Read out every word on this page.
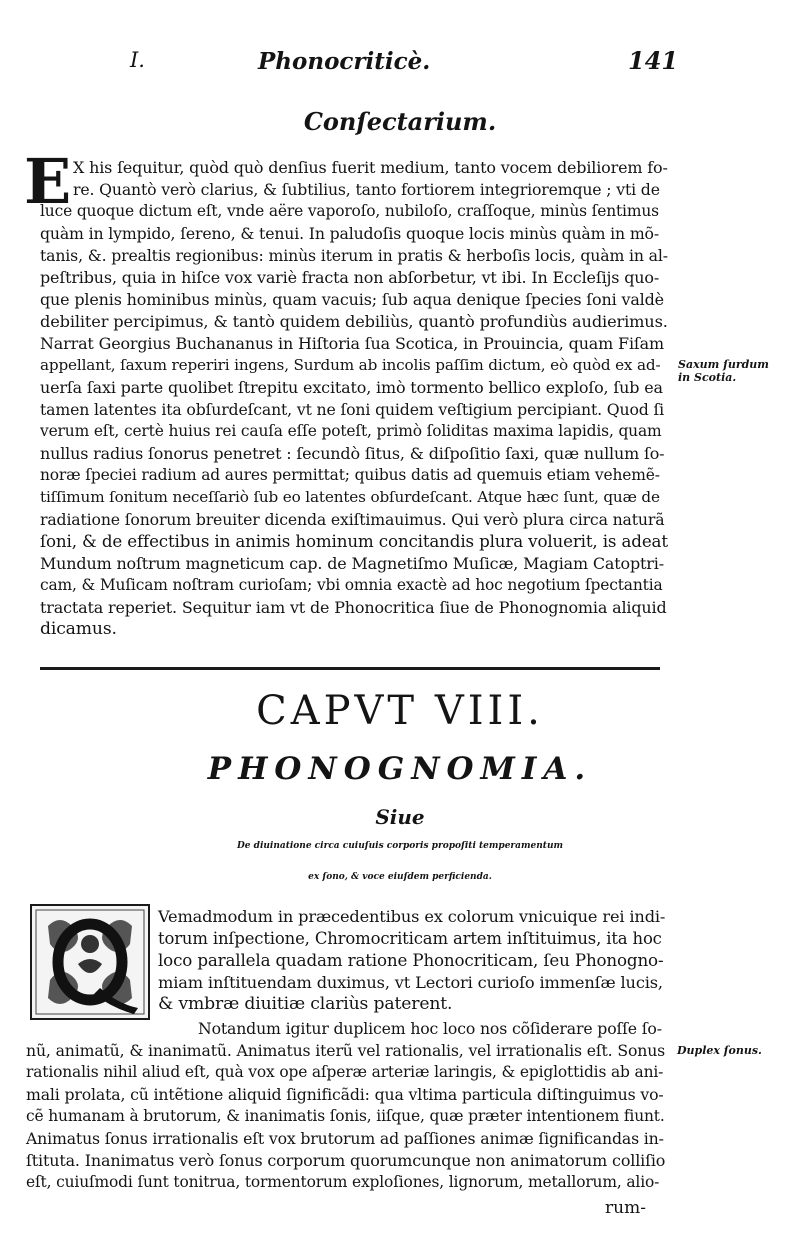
I.	Phonocriticè.	141
Conſectarium.
E X his ſequitur, quòd quò denſius fuerit medium, tanto vocem debiliorem fo-
re. Quantò verò clarius, & ſubtilius, tanto fortiorem integrioremque ; vti de
luce quoque dictum eſt, vnde aëre vaporoſo, nubiloſo, craſſoque, minùs ſentimus
quàm in lympido, ſereno, & tenui. In paludoſis quoque locis minùs quàm in mõ-
tanis, &. prealtis regionibus: minùs iterum in pratis & herboſis locis, quàm in al-
peſtribus, quia in hiſce vox variè fracta non abſorbetur, vt ibi. In Eccleſijs quo-
que plenis hominibus minùs, quam vacuis; ſub aqua denique ſpecies ſoni valdè
debiliter percipimus, & tantò quidem debiliùs, quantò profundiùs audierimus.
Narrat Georgius Buchananus in Hiſtoria ſua Scotica, in Prouincia, quam Fiſam
appellant, ſaxum reperiri ingens, Surdum ab incolis paſſim dictum, eò quòd ex ad-
uerſa ſaxi parte quolibet ſtrepitu excitato, imò tormento bellico exploſo, ſub ea
tamen latentes ita obſurdeſcant, vt ne ſoni quidem veſtigium percipiant. Quod ſi
verum eſt, certè huius rei cauſa eſſe poteſt, primò ſoliditas maxima lapidis, quam
nullus radius ſonorus penetret : ſecundò ſitus, & diſpoſitio ſaxi, quæ nullum ſo-
noræ ſpeciei radium ad aures permittat; quibus datis ad quemuis etiam vehemẽ-
tiſſimum ſonitum neceſſariò ſub eo latentes obſurdeſcant. Atque hæc ſunt, quæ de
radiatione ſonorum breuiter dicenda exiſtimauimus. Qui verò plura circa naturã
ſoni, & de effectibus in animis hominum concitandis plura voluerit, is adeat
Mundum noſtrum magneticum cap. de Magnetiſmo Muſicæ, Magiam Catoptri-
cam, & Muſicam noſtram curioſam; vbi omnia exactè ad hoc negotium ſpectantia
tractata reperiet. Sequitur iam vt de Phonocritica ſiue de Phonognomia aliquid
dicamus.
Saxum ſurdum
in Scotia.
CAPVT VIII.
PHONOGNOMIA.
Siue
De diuinatione circa cuiuſuis corporis propoſiti temperamentum
ex ſono, & voce eiuſdem perficienda.
Vemadmodum in præcedentibus ex colorum vnicuique rei indi-
torum inſpectione, Chromocriticam artem inſtituimus, ita hoc
loco parallela quadam ratione Phonocriticam, ſeu Phonogno-
miam inſtituendam duximus, vt Lectori curioſo immenſæ lucis,
& vmbræ diuitiæ clariùs paterent.
Notandum igitur duplicem hoc loco nos cõſiderare poſſe ſo-
nũ, animatũ, & inanimatũ. Animatus iterũ vel rationalis, vel irrationalis eſt. Sonus
rationalis nihil aliud eſt, quà vox ope aſperæ arteriæ laringis, & epiglottidis ab ani-
mali prolata, cũ intẽtione aliquid ſignificãdi: qua vltima particula diſtinguimus vo-
cẽ humanam à brutorum, & inanimatis ſonis, iiſque, quæ præter intentionem fiunt.
Animatus ſonus irrationalis eſt vox brutorum ad paſſiones animæ ſignificandas in-
ſtituta. Inanimatus verò ſonus corporum quorumcunque non animatorum colliſio
eſt, cuiuſmodi ſunt tonitrua, tormentorum exploſiones, lignorum, metallorum, alio-
Duplex ſonus.
rum-
